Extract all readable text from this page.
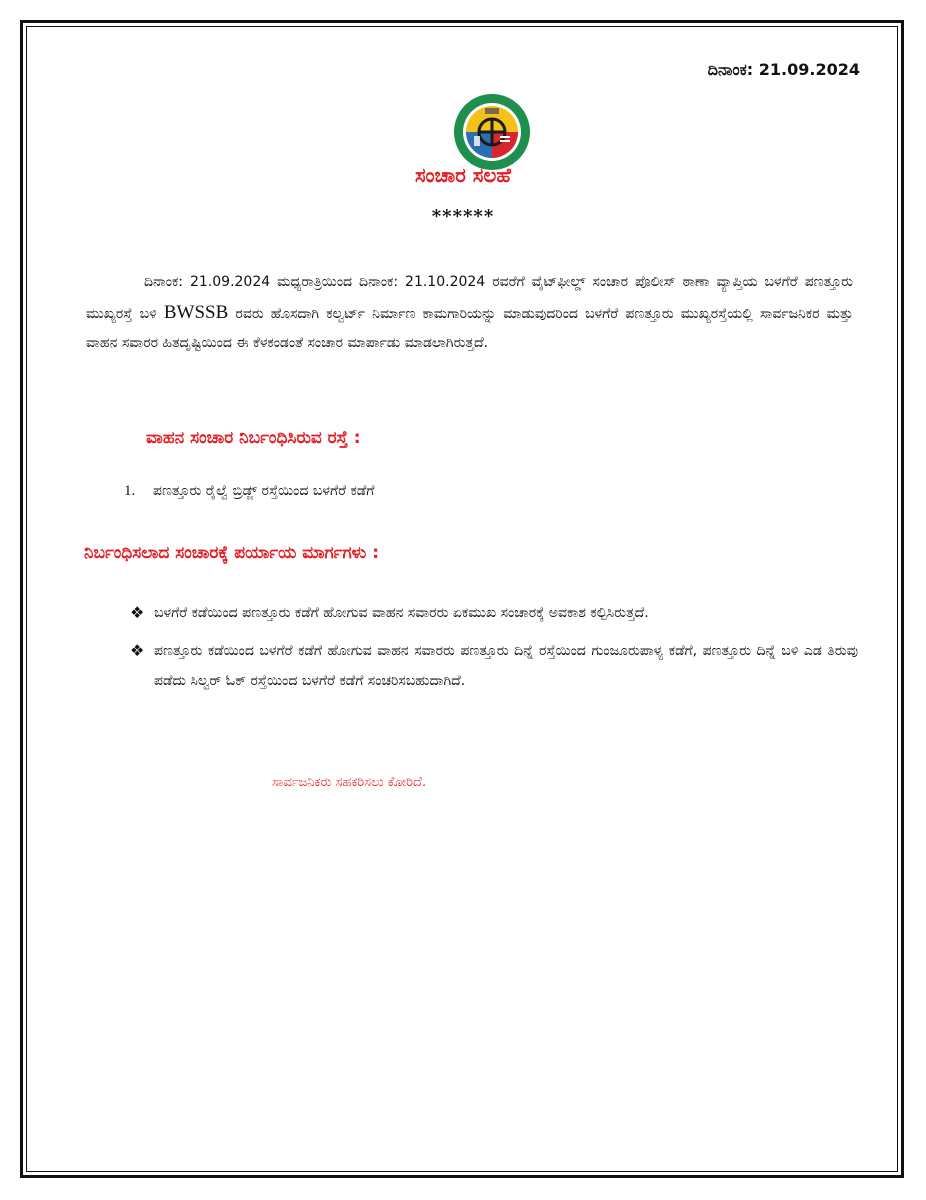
ದಿನಾಂಕ: 21.09.2024
ಸಂಚಾರ ಸಲಹೆ
******

ದಿನಾಂಕ: 21.09.2024 ಮಧ್ಯರಾತ್ರಿಯಿಂದ ದಿನಾಂಕ: 21.10.2024 ರವರೆಗೆ ವೈಟ್‌ಫೀಲ್ಡ್ ಸಂಚಾರ ಪೊಲೀಸ್ ಠಾಣಾ ವ್ಯಾಪ್ತಿಯ ಬಳಗೆರೆ ಪಣತ್ತೂರು ಮುಖ್ಯರಸ್ತೆ ಬಳಿ BWSSB ರವರು ಹೊಸದಾಗಿ ಕಲ್ವರ್ಟ್ ನಿರ್ಮಾಣ ಕಾಮಗಾರಿಯನ್ನು ಮಾಡುವುದರಿಂದ ಬಳಗೆರೆ ಪಣತ್ತೂರು ಮುಖ್ಯರಸ್ತೆಯಲ್ಲಿ ಸಾರ್ವಜನಿಕರ ಮತ್ತು ವಾಹನ ಸವಾರರ ಹಿತದೃಷ್ಟಿಯಿಂದ ಈ ಕೆಳಕಂಡಂತೆ ಸಂಚಾರ ಮಾರ್ಪಾಡು ಮಾಡಲಾಗಿರುತ್ತದೆ.

ವಾಹನ ಸಂಚಾರ ನಿರ್ಬಂಧಿಸಿರುವ ರಸ್ತೆ :
1. ಪಣತ್ತೂರು ರೈಲ್ವೆ ಬ್ರಿಡ್ಜ್ ರಸ್ತೆಯಿಂದ ಬಳಗೆರೆ ಕಡೆಗೆ
ನಿರ್ಬಂಧಿಸಲಾದ ಸಂಚಾರಕ್ಕೆ ಪರ್ಯಾಯ ಮಾರ್ಗಗಳು :
❖ ಬಳಗೆರೆ ಕಡೆಯಿಂದ ಪಣತ್ತೂರು ಕಡೆಗೆ ಹೋಗುವ ವಾಹನ ಸವಾರರು ಏಕಮುಖ ಸಂಚಾರಕ್ಕೆ ಅವಕಾಶ ಕಲ್ಪಿಸಿರುತ್ತದೆ.
❖ ಪಣತ್ತೂರು ಕಡೆಯಿಂದ ಬಳಗೆರೆ ಕಡೆಗೆ ಹೋಗುವ ವಾಹನ ಸವಾರರು ಪಣತ್ತೂರು ದಿನ್ನೆ ರಸ್ತೆಯಿಂದ ಗುಂಜೂರುಪಾಳ್ಯ ಕಡೆಗೆ, ಪಣತ್ತೂರು ದಿನ್ನೆ ಬಳಿ ಎಡ ತಿರುವು ಪಡೆದು ಸಿಲ್ವರ್ ಓಕ್ ರಸ್ತೆಯಿಂದ ಬಳಗೆರೆ ಕಡೆಗೆ ಸಂಚರಿಸಬಹುದಾಗಿದೆ.
ಸಾರ್ವಜನಿಕರು ಸಹಕರಿಸಲು ಕೋರಿದೆ.
